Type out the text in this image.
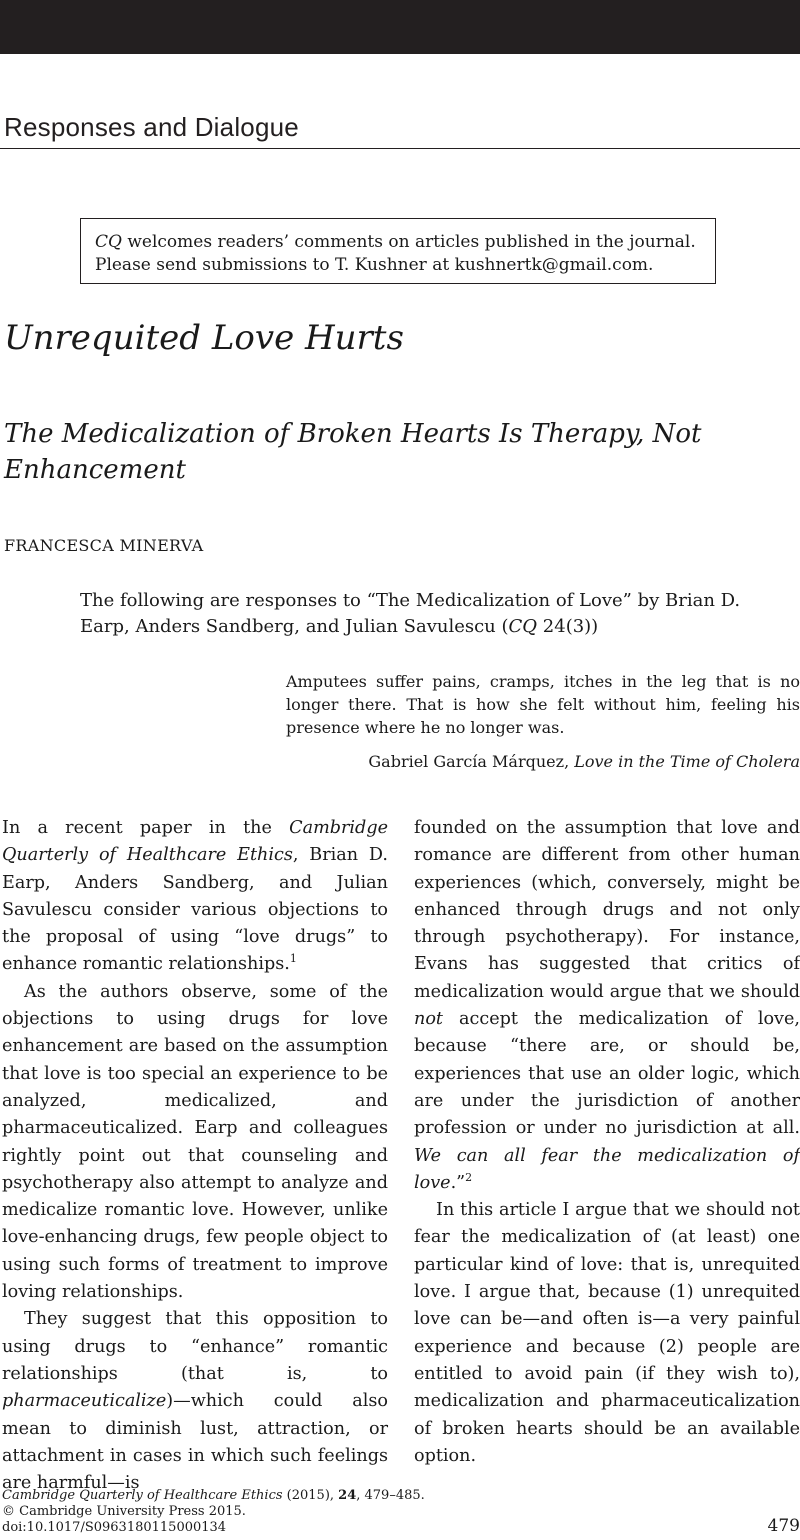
Responses and Dialogue
CQ welcomes readers’ comments on articles published in the journal.
Please send submissions to T. Kushner at kushnertk@gmail.com.
Unrequited Love Hurts
The Medicalization of Broken Hearts Is Therapy, Not Enhancement
FRANCESCA MINERVA
The following are responses to “The Medicalization of Love” by Brian D. Earp, Anders Sandberg, and Julian Savulescu (CQ 24(3))
Amputees suffer pains, cramps, itches in the leg that is no longer there. That is how she felt without him, feeling his presence where he no longer was.
Gabriel García Márquez, Love in the Time of Cholera

In a recent paper in the Cambridge Quarterly of Healthcare Ethics, Brian D. Earp, Anders Sandberg, and Julian Savulescu consider various objections to the proposal of using “love drugs” to enhance romantic relationships.$^1$

As the authors observe, some of the objections to using drugs for love enhancement are based on the assumption that love is too special an experience to be analyzed, medicalized, and pharmaceuticalized. Earp and colleagues rightly point out that counseling and psychotherapy also attempt to analyze and medicalize romantic love. However, unlike love-enhancing drugs, few people object to using such forms of treatment to improve loving relationships.

They suggest that this opposition to using drugs to “enhance” romantic relationships (that is, to pharmaceuticalize)—which could also mean to diminish lust, attraction, or attachment in cases in which such feelings are harmful—is

founded on the assumption that love and romance are different from other human experiences (which, conversely, might be enhanced through drugs and not only through psychotherapy). For instance, Evans has suggested that critics of medicalization would argue that we should not accept the medicalization of love, because “there are, or should be, experiences that use an older logic, which are under the jurisdiction of another profession or under no jurisdiction at all. We can all fear the medicalization of love.”$^2$

In this article I argue that we should not fear the medicalization of (at least) one particular kind of love: that is, unrequited love. I argue that, because (1) unrequited love can be—and often is—a very painful experience and because (2) people are entitled to avoid pain (if they wish to), medicalization and pharmaceuticalization of broken hearts should be an available option.

Cambridge Quarterly of Healthcare Ethics (2015), 24, 479–485.
© Cambridge University Press 2015.
doi:10.1017/S0963180115000134	479
